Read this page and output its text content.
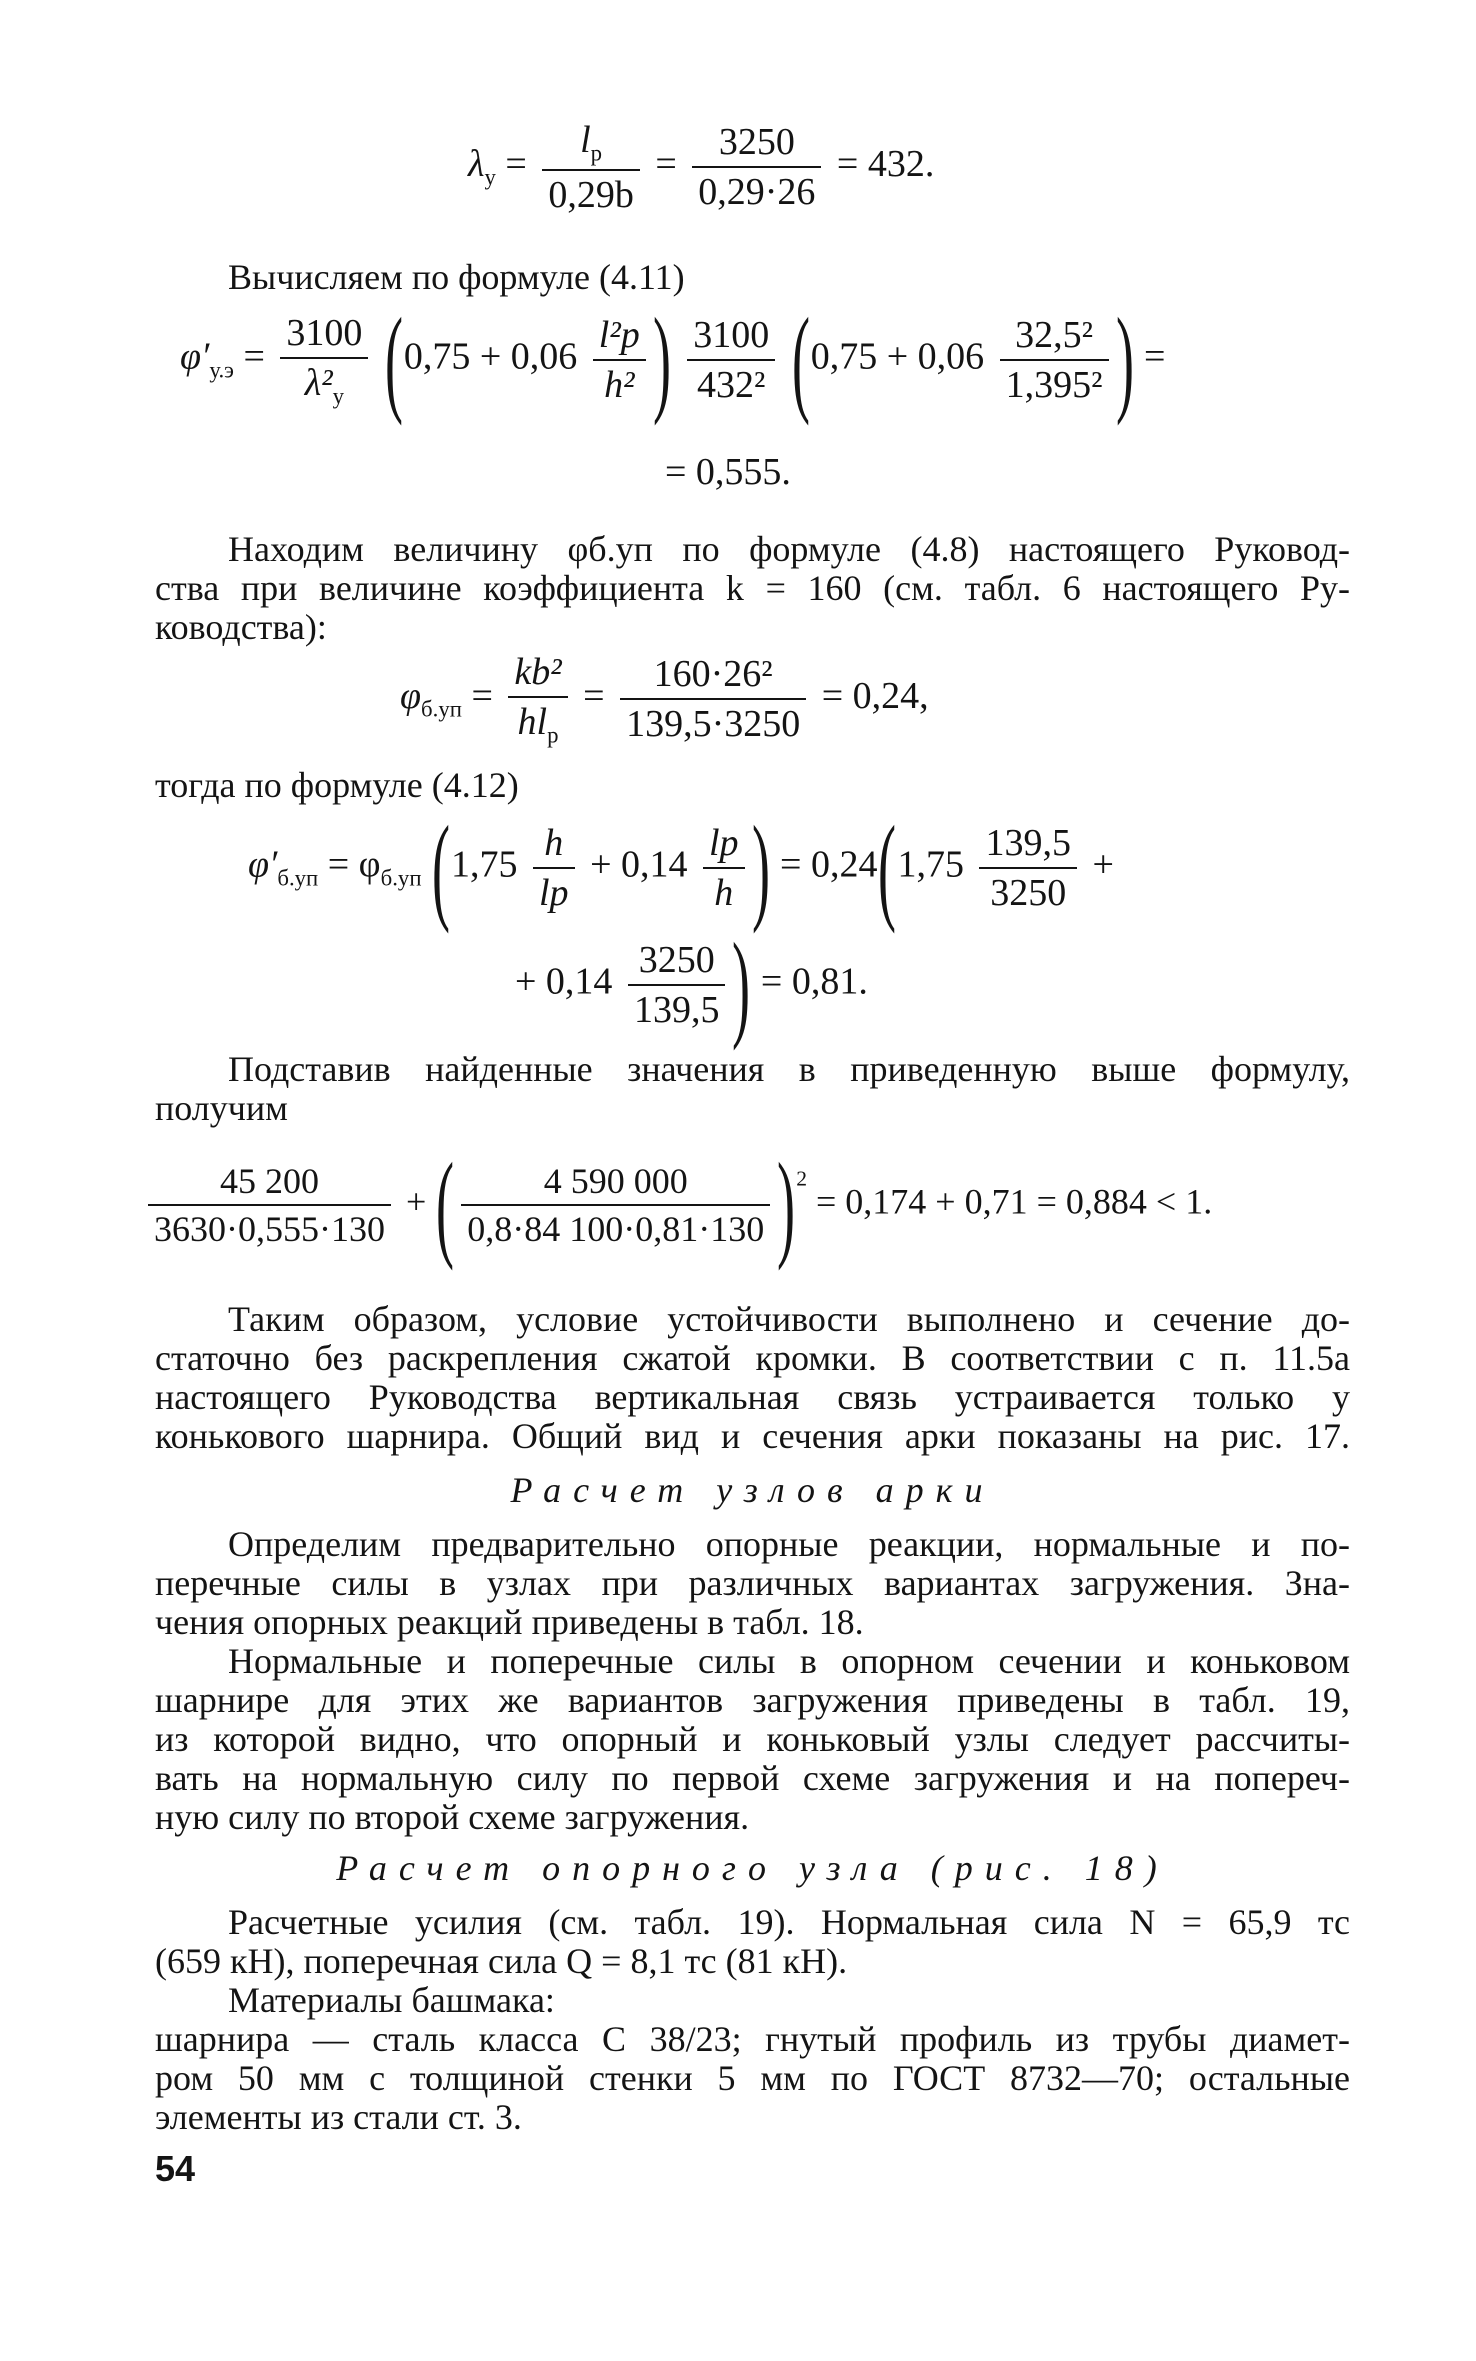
$\lambda_у = \frac{l_р}{0,29b} = \frac{3250}{0,29\cdot 26} = 432$.
Вычисляем по формуле (4.11)
$\varphi'_{у.э} = \frac{3100}{\lambda^2_у} (0,75 + 0,06 \frac{\text{l²р}}{\text{h²}}$ ) $\frac{3100}{\text{432²}} (0,75 + 0,06 \frac{\text{32,5²}}{\text{1,395²}}$ ) =
= 0,555.
Находим величину φб.уп по формуле (4.8) настоящего Руковод-
ства при величине коэффициента k = 160 (см. табл. 6 настоящего Ру-
ководства):
$\varphi_{б.уп} = \frac{\text{kb²}}{hl_р} = \frac{\text{160·26²}}{139,5\cdot 3250} = 0,24$,
тогда по формуле (4.12)
$\varphi'_{б.уп} = \varphi_{б.уп}$ ($1,75 \frac{h}{lр} + 0,14 \frac{lр}{h}$ ) = $0,24(1,75 \frac{139,5}{3250}$ +
+ $0,14 \frac{3250}{139,5}$ ) = 0,81.
Подставив найденные значения в приведенную выше формулу,
получим
$\frac{45 200}{3630\cdot 0,555\cdot 130}$ + ( $\frac{4 590 000}{0,8\cdot 84 100\cdot 0,81\cdot 130} )^2 = 0,174 + 0,71 = 0,884 < 1$.
Таким образом, условие устойчивости выполнено и сечение до-
статочно без раскрепления сжатой кромки. В соответствии с п. 11.5а
настоящего Руководства вертикальная связь устраивается только у
конькового шарнира. Общий вид и сечения арки показаны на рис. 17.
Расчет узлов арки
Определим предварительно опорные реакции, нормальные и по-
перечные силы в узлах при различных вариантах загружения. Зна-
чения опорных реакций приведены в табл. 18.
Нормальные и поперечные силы в опорном сечении и коньковом
шарнире для этих же вариантов загружения приведены в табл. 19,
из которой видно, что опорный и коньковый узлы следует рассчиты-
вать на нормальную силу по первой схеме загружения и на попереч-
ную силу по второй схеме загружения.
Расчет опорного узла (рис. 18)
Расчетные усилия (см. табл. 19). Нормальная сила N = 65,9 тс
(659 кН), поперечная сила Q = 8,1 тс (81 кН).
Материалы башмака:
шарнира — сталь класса С 38/23; гнутый профиль из трубы диамет-
ром 50 мм с толщиной стенки 5 мм по ГОСТ 8732—70; остальные
элементы из стали ст. 3.
54
